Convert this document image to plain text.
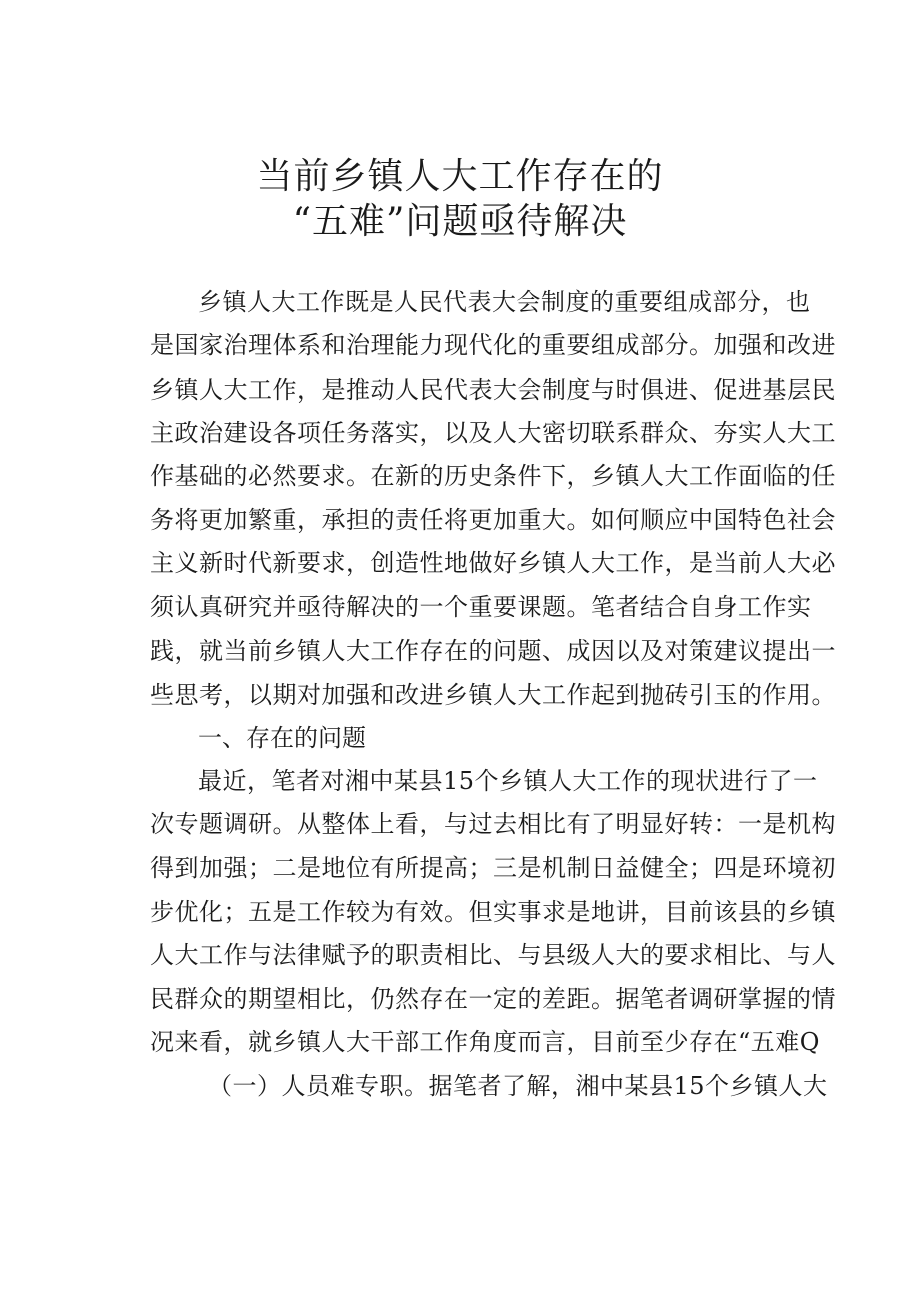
当前乡镇人大工作存在的
“五难”问题亟待解决
乡镇人大工作既是人民代表大会制度的重要组成部分，也
是国家治理体系和治理能力现代化的重要组成部分。加强和改进
乡镇人大工作，是推动人民代表大会制度与时俱进、促进基层民
主政治建设各项任务落实，以及人大密切联系群众、夯实人大工
作基础的必然要求。在新的历史条件下，乡镇人大工作面临的任
务将更加繁重，承担的责任将更加重大。如何顺应中国特色社会
主义新时代新要求，创造性地做好乡镇人大工作，是当前人大必
须认真研究并亟待解决的一个重要课题。笔者结合自身工作实
践，就当前乡镇人大工作存在的问题、成因以及对策建议提出一
些思考，以期对加强和改进乡镇人大工作起到抛砖引玉的作用。
一、存在的问题
最近，笔者对湘中某县15个乡镇人大工作的现状进行了一
次专题调研。从整体上看，与过去相比有了明显好转：一是机构
得到加强；二是地位有所提高；三是机制日益健全；四是环境初
步优化；五是工作较为有效。但实事求是地讲，目前该县的乡镇
人大工作与法律赋予的职责相比、与县级人大的要求相比、与人
民群众的期望相比，仍然存在一定的差距。据笔者调研掌握的情
况来看，就乡镇人大干部工作角度而言，目前至少存在“五难Q
（一）人员难专职。据笔者了解，湘中某县15个乡镇人大
